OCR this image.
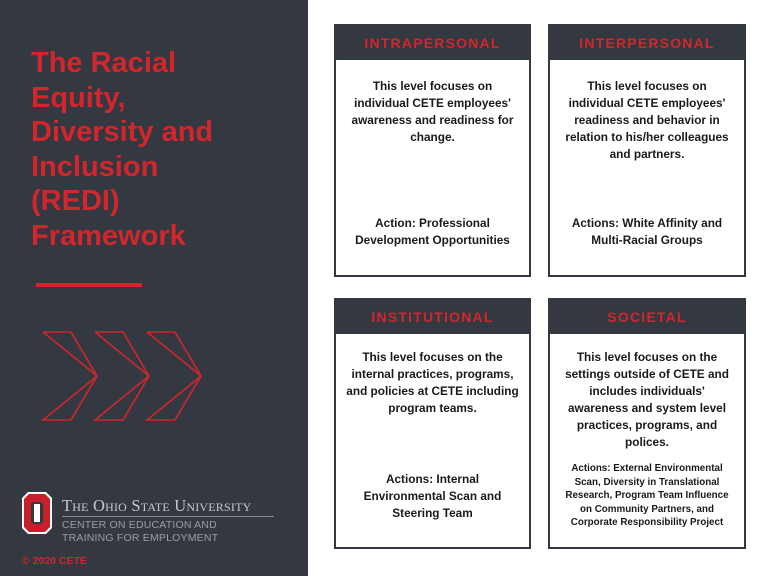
The Racial
Equity,
Diversity and
Inclusion
(REDI)
Framework
The Ohio State University
CENTER ON EDUCATION AND
TRAINING FOR EMPLOYMENT
© 2020 CETE
INTRAPERSONAL
This level focuses on individual CETE employees' awareness and readiness for change.
Action: Professional Development Opportunities
INTERPERSONAL
This level focuses on individual CETE employees' readiness and behavior in relation to his/her colleagues and partners.
Actions: White Affinity and Multi-Racial Groups
INSTITUTIONAL
This level focuses on the internal practices, programs, and policies at CETE including program teams.
Actions: Internal Environmental Scan and Steering Team
SOCIETAL
This level focuses on the settings outside of CETE and includes individuals' awareness and system level practices, programs, and polices.
Actions: External Environmental Scan, Diversity in Translational Research, Program Team Influence on Community Partners, and Corporate Responsibility Project
